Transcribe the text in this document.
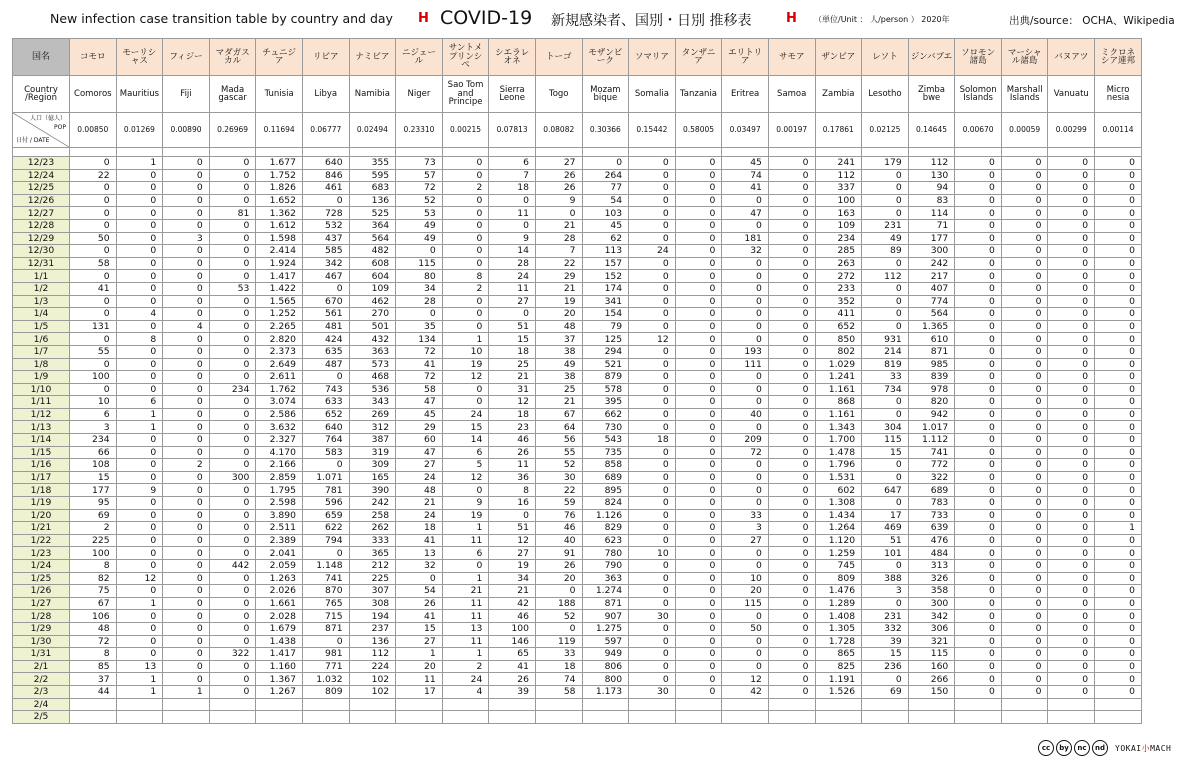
New infection case transition table by country and day H COVID-19 新規感染者、国別・日別 推移表	H （単位/Unit ： 人/person ） 2020年	出典/source： OCHA、Wikipedia
国名	コモロ	モーリシャス	フィジー	マダガスカル	チュニジア	リビア	ナミビア	ニジェール	サントメプリンシペ	シエラレオネ	トーゴ	モザンビーク	ソマリア	タンザニア	エリトリア	サモア	ザンビア	レソト	ジンバブエ	ソロモン諸島	マーシャル諸島	バヌアツ	ミクロネシア連邦
Country /Region	Comoros	Mauritius	Fiji	Mada gascar	Tunisia	Libya	Namibia	Niger	Sao Tom and Principe	Sierra Leone	Togo	Mozam bique	Somalia	Tanzania	Eritrea	Samoa	Zambia	Lesotho	Zimba bwe	Solomon Islands	Marshall Islands	Vanuatu	Micro nesia

人口（億人）
POP
日付 / DATE	0.00850	0.01269	0.00890	0.26969	0.11694	0.06777	0.02494	0.23310	0.00215	0.07813	0.08082	0.30366	0.15442	0.58005	0.03497	0.00197	0.17861	0.02125	0.14645	0.00670	0.00059	0.00299	0.00114

12/23	0	1	0	0	1.677	640	355	73	0	6	27	0	0	0	45	0	241	179	112	0	0	0	0
12/24	22	0	0	0	1.752	846	595	57	0	7	26	264	0	0	74	0	112	0	130	0	0	0	0
12/25	0	0	0	0	1.826	461	683	72	2	18	26	77	0	0	41	0	337	0	94	0	0	0	0
12/26	0	0	0	0	1.652	0	136	52	0	0	9	54	0	0	0	0	100	0	83	0	0	0	0
12/27	0	0	0	81	1.362	728	525	53	0	11	0	103	0	0	47	0	163	0	114	0	0	0	0
12/28	0	0	0	0	1.612	532	364	49	0	0	21	45	0	0	0	0	109	231	71	0	0	0	0
12/29	50	0	3	0	1.598	437	564	49	0	9	28	62	0	0	181	0	234	49	177	0	0	0	0
12/30	0	0	0	0	2.414	585	482	0	0	14	7	113	24	0	32	0	285	89	300	0	0	0	0
12/31	58	0	0	0	1.924	342	608	115	0	28	22	157	0	0	0	0	263	0	242	0	0	0	0
1/1	0	0	0	0	1.417	467	604	80	8	24	29	152	0	0	0	0	272	112	217	0	0	0	0
1/2	41	0	0	53	1.422	0	109	34	2	11	21	174	0	0	0	0	233	0	407	0	0	0	0
1/3	0	0	0	0	1.565	670	462	28	0	27	19	341	0	0	0	0	352	0	774	0	0	0	0
1/4	0	4	0	0	1.252	561	270	0	0	0	20	154	0	0	0	0	411	0	564	0	0	0	0
1/5	131	0	4	0	2.265	481	501	35	0	51	48	79	0	0	0	0	652	0	1.365	0	0	0	0
1/6	0	8	0	0	2.820	424	432	134	1	15	37	125	12	0	0	0	850	931	610	0	0	0	0
1/7	55	0	0	0	2.373	635	363	72	10	18	38	294	0	0	193	0	802	214	871	0	0	0	0
1/8	0	0	0	0	2.649	487	573	41	19	25	49	521	0	0	111	0	1.029	819	985	0	0	0	0
1/9	100	0	0	0	2.611	0	468	72	12	21	38	879	0	0	0	0	1.241	33	839	0	0	0	0
1/10	0	0	0	234	1.762	743	536	58	0	31	25	578	0	0	0	0	1.161	734	978	0	0	0	0
1/11	10	6	0	0	3.074	633	343	47	0	12	21	395	0	0	0	0	868	0	820	0	0	0	0
1/12	6	1	0	0	2.586	652	269	45	24	18	67	662	0	0	40	0	1.161	0	942	0	0	0	0
1/13	3	1	0	0	3.632	640	312	29	15	23	64	730	0	0	0	0	1.343	304	1.017	0	0	0	0
1/14	234	0	0	0	2.327	764	387	60	14	46	56	543	18	0	209	0	1.700	115	1.112	0	0	0	0
1/15	66	0	0	0	4.170	583	319	47	6	26	55	735	0	0	72	0	1.478	15	741	0	0	0	0
1/16	108	0	2	0	2.166	0	309	27	5	11	52	858	0	0	0	0	1.796	0	772	0	0	0	0
1/17	15	0	0	300	2.859	1.071	165	24	12	36	30	689	0	0	0	0	1.531	0	322	0	0	0	0
1/18	177	9	0	0	1.795	781	390	48	0	8	22	895	0	0	0	0	602	647	689	0	0	0	0
1/19	95	0	0	0	2.598	596	242	21	9	16	59	824	0	0	0	0	1.308	0	783	0	0	0	0
1/20	69	0	0	0	3.890	659	258	24	19	0	76	1.126	0	0	33	0	1.434	17	733	0	0	0	0
1/21	2	0	0	0	2.511	622	262	18	1	51	46	829	0	0	3	0	1.264	469	639	0	0	0	1
1/22	225	0	0	0	2.389	794	333	41	11	12	40	623	0	0	27	0	1.120	51	476	0	0	0	0
1/23	100	0	0	0	2.041	0	365	13	6	27	91	780	10	0	0	0	1.259	101	484	0	0	0	0
1/24	8	0	0	442	2.059	1.148	212	32	0	19	26	790	0	0	0	0	745	0	313	0	0	0	0
1/25	82	12	0	0	1.263	741	225	0	1	34	20	363	0	0	10	0	809	388	326	0	0	0	0
1/26	75	0	0	0	2.026	870	307	54	21	21	0	1.274	0	0	20	0	1.476	3	358	0	0	0	0
1/27	67	1	0	0	1.661	765	308	26	11	42	188	871	0	0	115	0	1.289	0	300	0	0	0	0
1/28	106	0	0	0	2.028	715	194	41	11	46	52	907	30	0	0	0	1.408	231	342	0	0	0	0
1/29	48	0	0	0	1.679	871	237	15	13	100	0	1.275	0	0	50	0	1.305	332	306	0	0	0	0
1/30	72	0	0	0	1.438	0	136	27	11	146	119	597	0	0	0	0	1.728	39	321	0	0	0	0
1/31	8	0	0	322	1.417	981	112	1	1	65	33	949	0	0	0	0	865	15	115	0	0	0	0
2/1	85	13	0	0	1.160	771	224	20	2	41	18	806	0	0	0	0	825	236	160	0	0	0	0
2/2	37	1	0	0	1.367	1.032	102	11	24	26	74	800	0	0	12	0	1.191	0	266	0	0	0	0
2/3	44	1	1	0	1.267	809	102	17	4	39	58	1.173	30	0	42	0	1.526	69	150	0	0	0	0
2/4																							
2/5																							
cc	by	nc	nd	YOKAI小MACH
